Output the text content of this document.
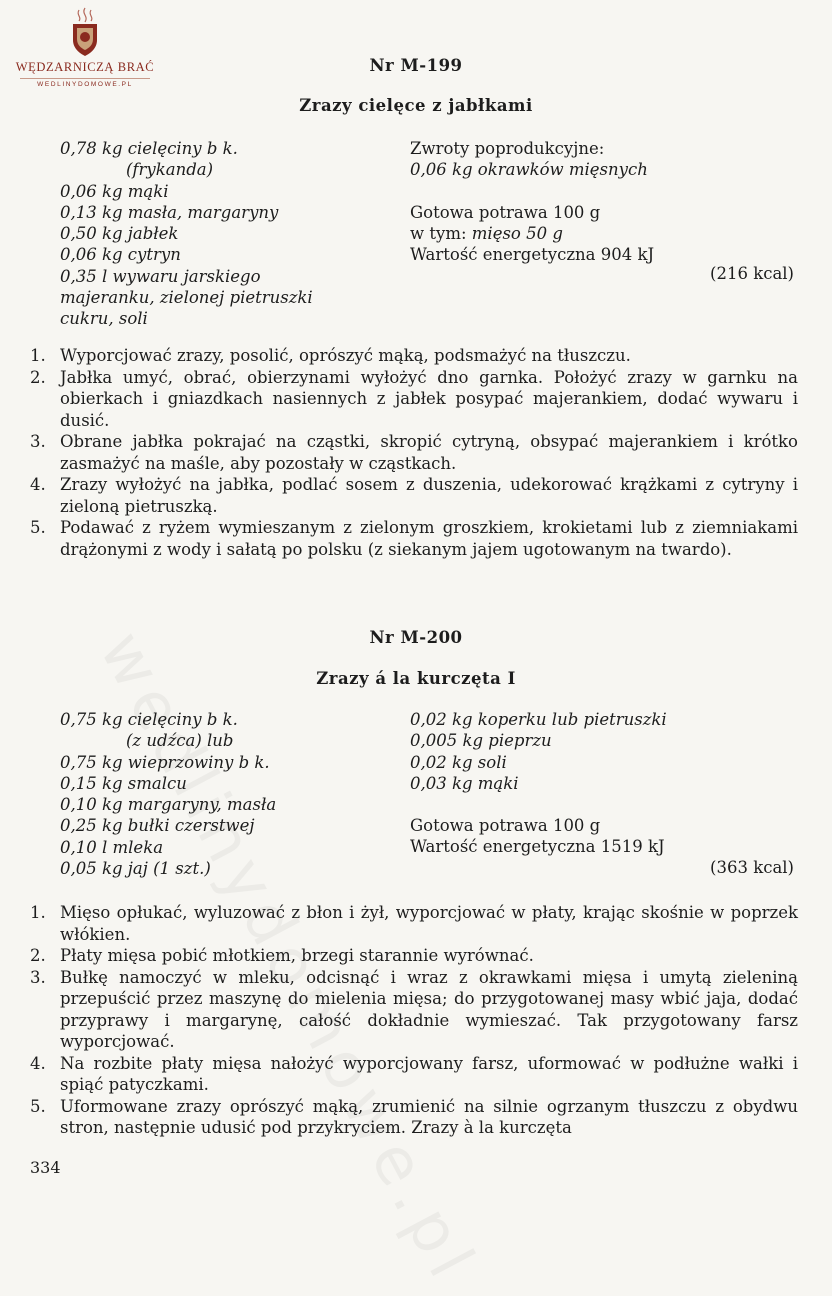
WĘDZARNICZĄ BRAĆ
WEDLINYDOMOWE.PL
Nr M-199
Zrazy cielęce z jabłkami
0,78 kg cielęciny b k.
(frykanda)
0,06 kg mąki
0,13 kg masła, margaryny
0,50 kg jabłek
0,06 kg cytryn
0,35 l wywaru jarskiego
majeranku, zielonej pietruszki
cukru, soli
Zwroty poprodukcyjne:
0,06 kg okrawków mięsnych
Gotowa potrawa 100 g
w tym: mięso 50 g
Wartość energetyczna 904 kJ
(216 kcal)
1. Wyporcjować zrazy, posolić, oprószyć mąką, podsmażyć na tłuszczu.
2. Jabłka umyć, obrać, obierzynami wyłożyć dno garnka. Położyć zrazy w garnku na obierkach i gniazdkach nasiennych z jabłek posypać majerankiem, dodać wywaru i dusić.
3. Obrane jabłka pokrajać na cząstki, skropić cytryną, obsypać majerankiem i krótko zasmażyć na maśle, aby pozostały w cząstkach.
4. Zrazy wyłożyć na jabłka, podlać sosem z duszenia, udekorować krążkami z cytryny i zieloną pietruszką.
5. Podawać z ryżem wymieszanym z zielonym groszkiem, krokietami lub z ziemniakami drążonymi z wody i sałatą po polsku (z siekanym jajem ugotowanym na twardo).
Nr M-200
Zrazy á la kurczęta I
0,75 kg cielęciny b k.
(z udźca) lub
0,75 kg wieprzowiny b k.
0,15 kg smalcu
0,10 kg margaryny, masła
0,25 kg bułki czerstwej
0,10 l mleka
0,05 kg jaj (1 szt.)
0,02 kg koperku lub pietruszki
0,005 kg pieprzu
0,02 kg soli
0,03 kg mąki
Gotowa potrawa 100 g
Wartość energetyczna 1519 kJ
(363 kcal)
1. Mięso opłukać, wyluzować z błon i żył, wyporcjować w płaty, krając skośnie w poprzek włókien.
2. Płaty mięsa pobić młotkiem, brzegi starannie wyrównać.
3. Bułkę namoczyć w mleku, odcisnąć i wraz z okrawkami mięsa i umytą zieleniną przepuścić przez maszynę do mielenia mięsa; do przygotowanej masy wbić jaja, dodać przyprawy i margarynę, całość dokładnie wymieszać. Tak przygotowany farsz wyporcjować.
4. Na rozbite płaty mięsa nałożyć wyporcjowany farsz, uformować w podłużne wałki i spiąć patyczkami.
5. Uformowane zrazy oprószyć mąką, zrumienić na silnie ogrzanym tłuszczu z obydwu stron, następnie udusić pod przykryciem. Zrazy à la kurczęta
334
